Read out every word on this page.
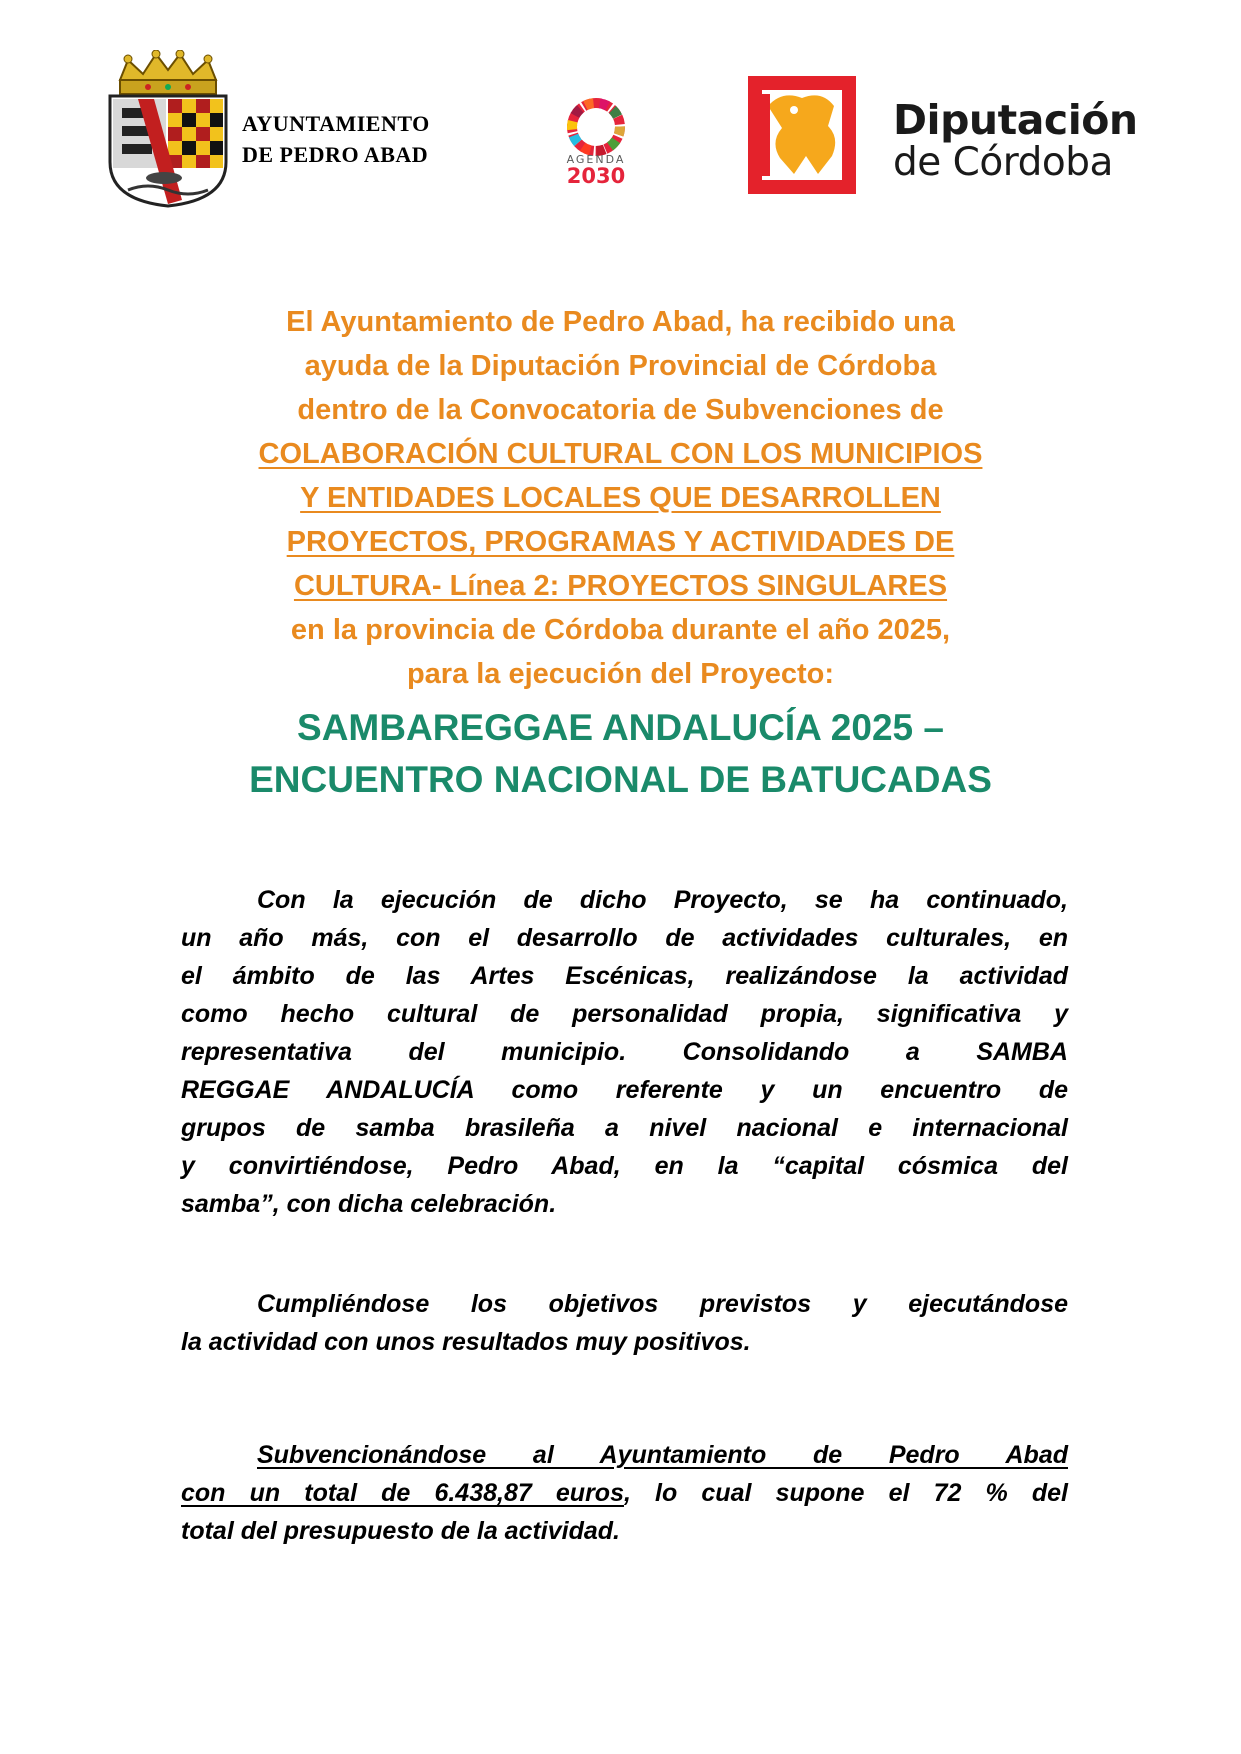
AYUNTAMIENTO
DE PEDRO ABAD	AGENDA
2030
Diputación
de Córdoba
El Ayuntamiento de Pedro Abad, ha recibido una
ayuda de la Diputación Provincial de Córdoba
dentro de la Convocatoria de Subvenciones de
COLABORACIÓN CULTURAL CON LOS MUNICIPIOS
Y ENTIDADES LOCALES QUE DESARROLLEN
PROYECTOS, PROGRAMAS Y ACTIVIDADES DE
CULTURA- Línea 2: PROYECTOS SINGULARES
en la provincia de Córdoba durante el año 2025,
para la ejecución del Proyecto:
SAMBAREGGAE ANDALUCÍA 2025 –
ENCUENTRO NACIONAL DE BATUCADAS
Con la ejecución de dicho Proyecto, se ha continuado,
un año más, con el desarrollo de actividades culturales, en
el ámbito de las Artes Escénicas, realizándose la actividad
como hecho cultural de personalidad propia, significativa y
representativa del municipio. Consolidando a SAMBA
REGGAE ANDALUCÍA como referente y un encuentro de
grupos de samba brasileña a nivel nacional e internacional
y convirtiéndose, Pedro Abad, en la “capital cósmica del
samba”, con dicha celebración.
Cumpliéndose los objetivos previstos y ejecutándose
la actividad con unos resultados muy positivos.
Subvencionándose al Ayuntamiento de Pedro Abad
con un total de 6.438,87 euros, lo cual supone el 72 % del
total del presupuesto de la actividad.
